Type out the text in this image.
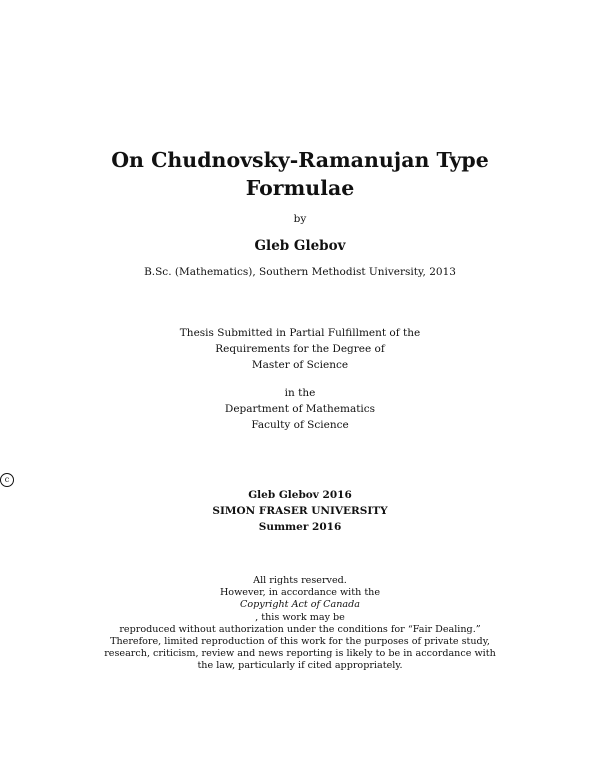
On Chudnovsky-Ramanujan Type
Formulae
by
Gleb Glebov
B.Sc. (Mathematics), Southern Methodist University, 2013
Thesis Submitted in Partial Fulfillment of the
Requirements for the Degree of
Master of Science
in the
Department of Mathematics
Faculty of Science
c
Gleb Glebov 2016
SIMON FRASER UNIVERSITY
Summer 2016
All rights reserved.
However, in accordance with the
Copyright Act of Canada
, this work may be
reproduced without authorization under the conditions for “Fair Dealing.”
Therefore, limited reproduction of this work for the purposes of private study,
research, criticism, review and news reporting is likely to be in accordance with
the law, particularly if cited appropriately.
